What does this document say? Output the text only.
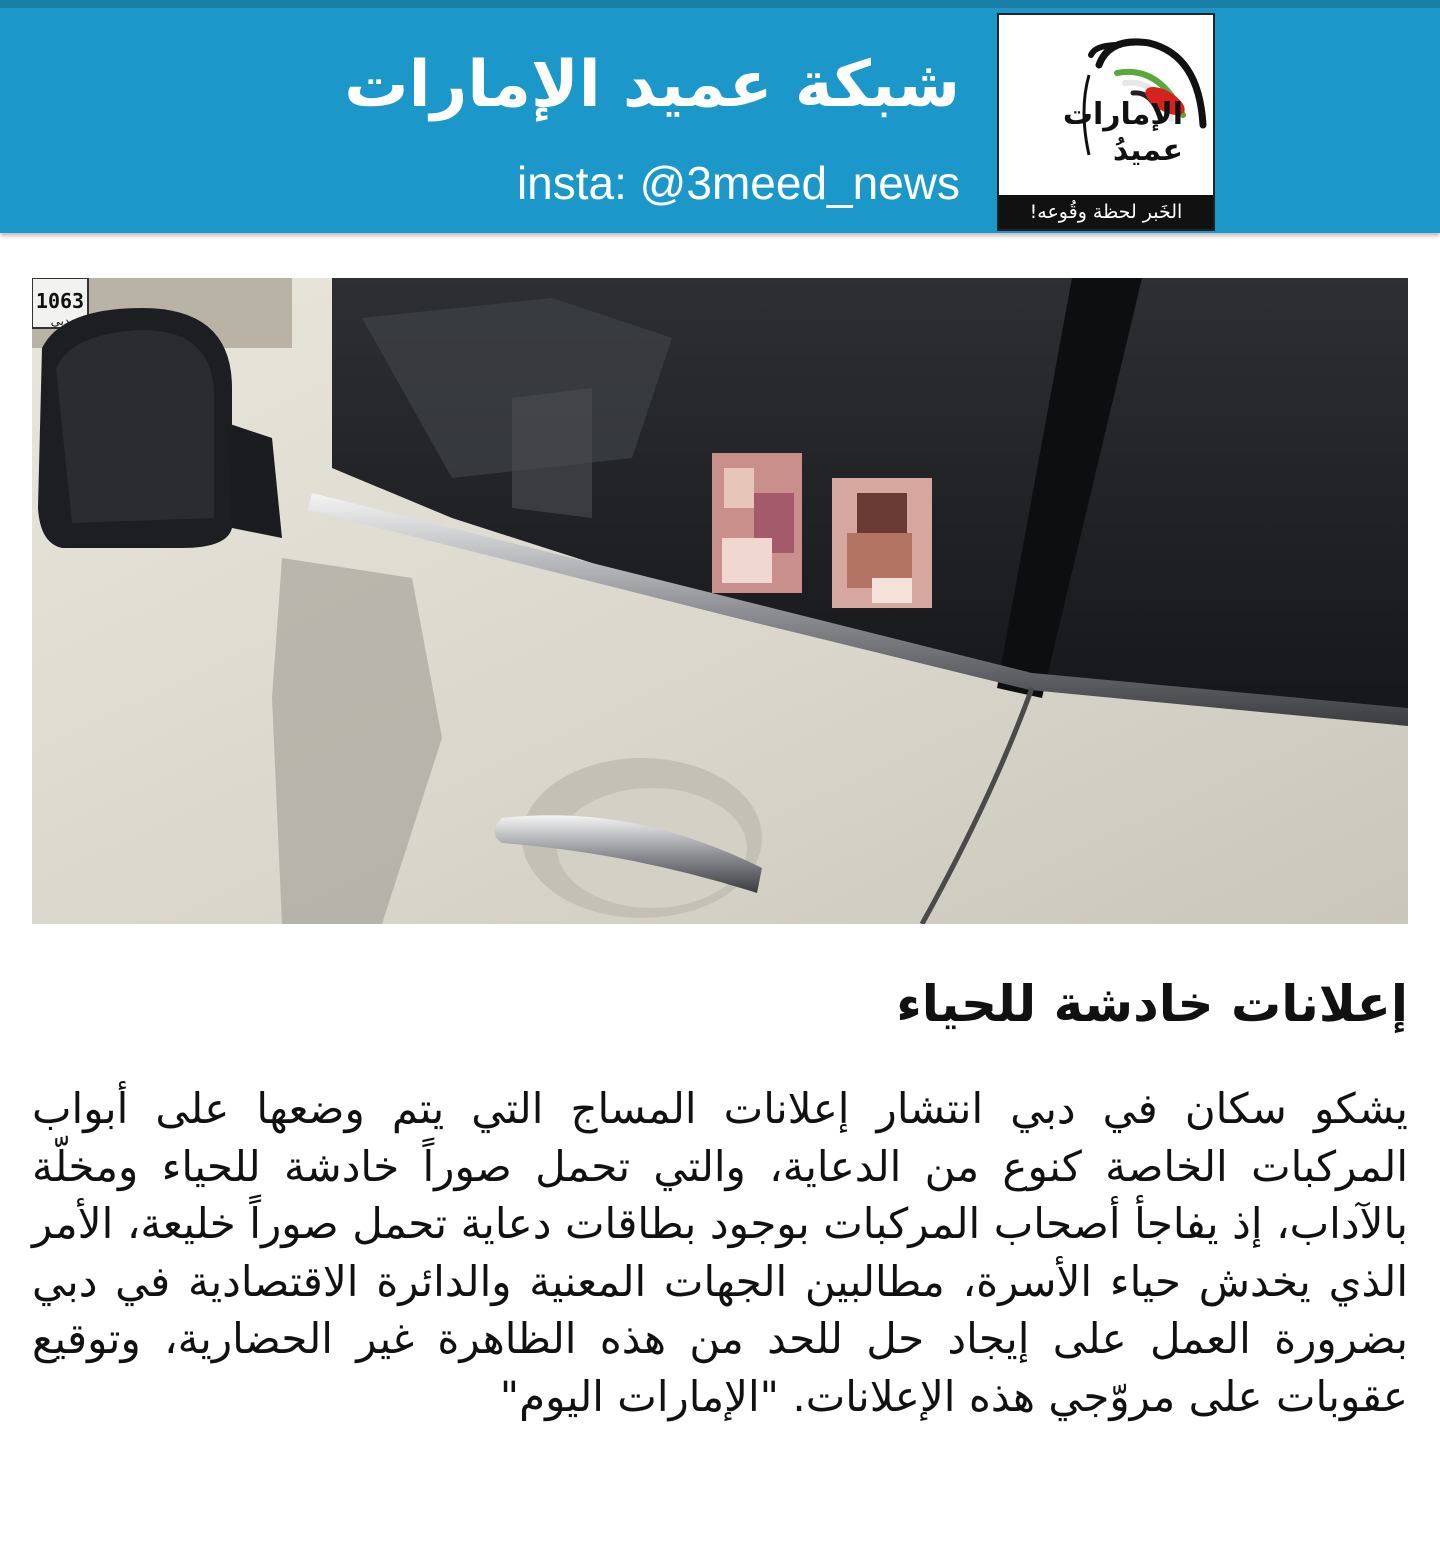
شبكة عميد الإمارات
insta: @3meed_news
الإمارات
عميدُ
الخَبر لحظة وقُوعه!
1063
دبي
إعلانات خادشة للحياء

يشكو سكان في دبي انتشار إعلانات المساج التي يتم وضعها على أبواب المركبات الخاصة كنوع من الدعاية، والتي تحمل صوراً خادشة للحياء ومخلّة بالآداب، إذ يفاجأ أصحاب المركبات بوجود بطاقات دعاية تحمل صوراً خليعة، الأمر الذي يخدش حياء الأسرة، مطالبين الجهات المعنية والدائرة الاقتصادية في دبي بضرورة العمل على إيجاد حل للحد من هذه الظاهرة غير الحضارية، وتوقيع عقوبات على مروّجي هذه الإعلانات. "الإمارات اليوم"
